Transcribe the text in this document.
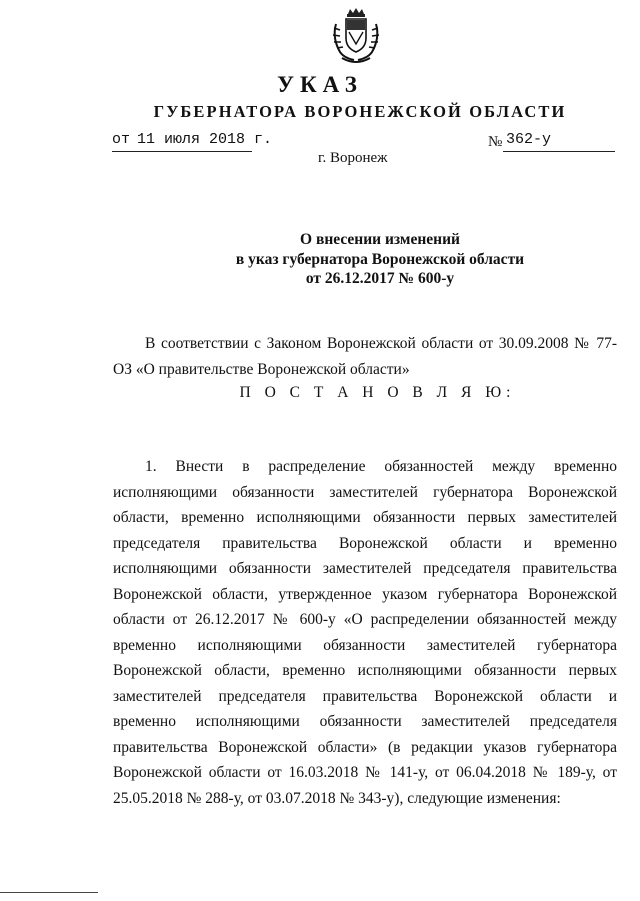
УКАЗ
ГУБЕРНАТОРА ВОРОНЕЖСКОЙ ОБЛАСТИ
от 11 июля 2018 г.	№ 362-у
г. Воронеж
О внесении изменений
в указ губернатора Воронежской области
от 26.12.2017 № 600-у
В соответствии с Законом Воронежской области от 30.09.2008 № 77-ОЗ «О правительстве Воронежской области»
П О С Т А Н О В Л Я Ю:
1. Внести в распределение обязанностей между временно исполняющими обязанности заместителей губернатора Воронежской области, временно исполняющими обязанности первых заместителей председателя правительства Воронежской области и временно исполняющими обязанности заместителей председателя правительства Воронежской области, утвержденное указом губернатора Воронежской области от 26.12.2017 № 600-у «О распределении обязанностей между временно исполняющими обязанности заместителей губернатора Воронежской области, временно исполняющими обязанности первых заместителей председателя правительства Воронежской области и временно исполняющими обязанности заместителей председателя правительства Воронежской области» (в редакции указов губернатора Воронежской области от 16.03.2018 № 141-у, от 06.04.2018 № 189-у, от 25.05.2018 № 288-у, от 03.07.2018 № 343-у), следующие изменения:
